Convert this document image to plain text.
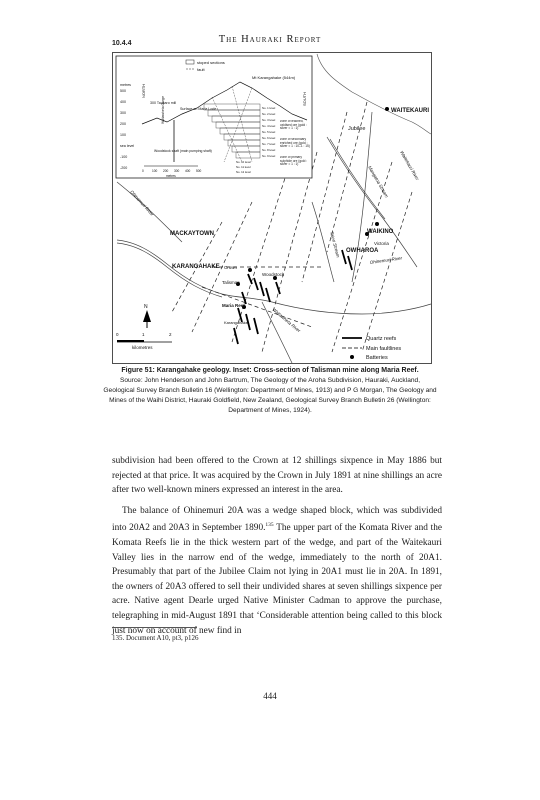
10.4.4	The Hauraki Report
MACKAYTOWN
KARANGAHAKE
WAIKINO
OWHAROA
WAITEKAURI
Victoria
Crown
Talisman
Woodstock
Maria Reef
Karangahake
Jubilee
Ohinemuri River
Ohinemuri River
Waitekauri River
Mangatoa Stream
Taieri Stream
Waitawheta River
Quartz reefs
Main faultlines
Batteries
N
0	1	2
kilometres
stoped sections
fault
NORTH
SOUTH
metres
500
400
300
200
100
sea level
-100
-200
Mt Karangahake (544m)
300 Taukaro mill
Surface on Maria Lode
Waitawheta Gorge
Woodstock shaft (main pumping shaft)
No. 1 level
No. 2 level
No. 3 level
No. 4 level
No. 5 level
No. 6 level
No. 7 level
No. 8 level
No. 9 level
No. 10 level
No. 11 level
No. 12 level
zone of leached, oxidised ore (gold : silver = 1 : 1)
zone of secondary enriched ore (gold : silver = 1 : 10–1 : 15)
zone of primary sulphide ore (gold : silver = 1 : 1)
0	100 200 300 400 500
metres
Figure 51: Karangahake geology. Inset: Cross-section of Talisman mine along Maria Reef.
Source: John Henderson and John Bartrum, The Geology of the Aroha Subdivision, Hauraki, Auckland,
Geological Survey Branch Bulletin 16 (Wellington: Department of Mines, 1913) and P G Morgan, The Geology and
Mines of the Waihi District, Hauraki Goldfield, New Zealand, Geological Survey Branch Bulletin 26 (Wellington:
Department of Mines, 1924).

subdivision had been offered to the Crown at 12 shillings sixpence in May 1886 but rejected at that price. It was acquired by the Crown in July 1891 at nine shillings an acre after two well-known miners expressed an interest in the area.

The balance of Ohinemuri 20A was a wedge shaped block, which was subdivided into 20A2 and 20A3 in September 1890.$^{135}$ The upper part of the Komata River and the Komata Reefs lie in the thick western part of the wedge, and part of the Waitekauri Valley lies in the narrow end of the wedge, immediately to the north of 20A1. Presumably that part of the Jubilee Claim not lying in 20A1 must lie in 20A. In 1891, the owners of 20A3 offered to sell their undivided shares at seven shillings sixpence per acre. Native agent Dearle urged Native Minister Cadman to approve the purchase, telegraphing in mid-August 1891 that ‘Considerable attention being called to this block just now on account of new find in

135. Document A10, pt3, p126
444
